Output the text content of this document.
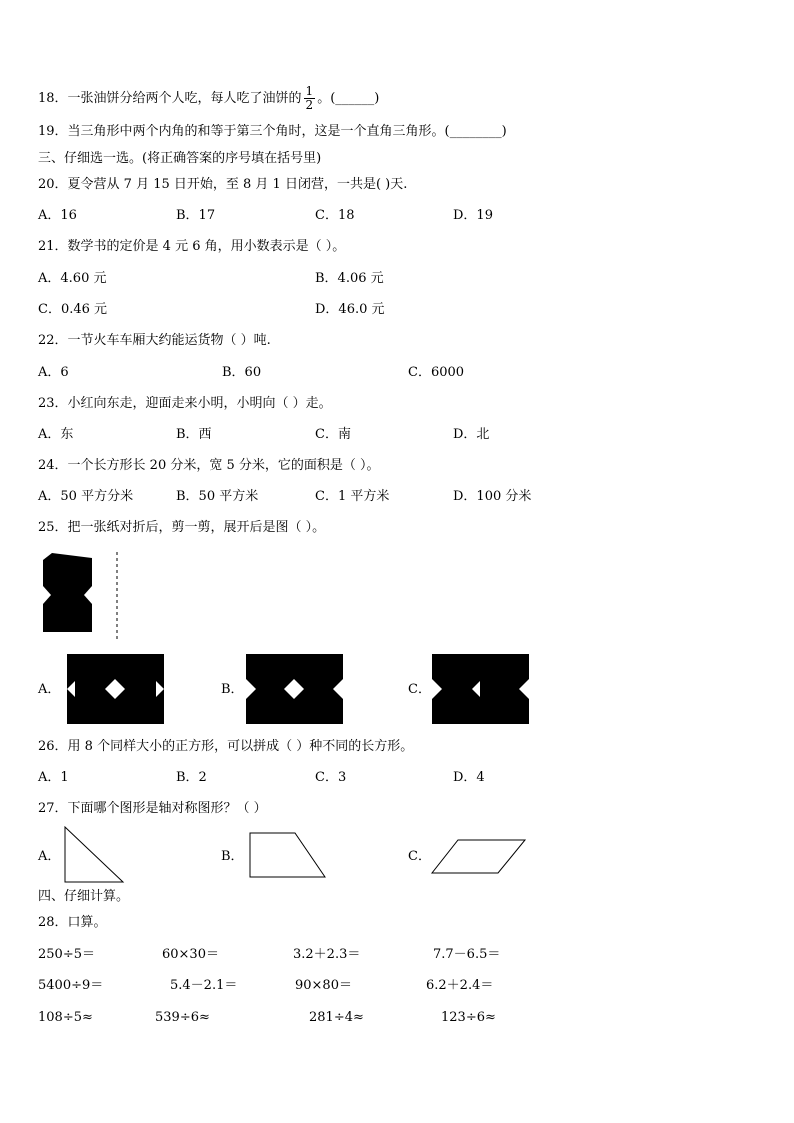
18．一张油饼分给两个人吃，每人吃了油饼的 $\frac{1}{2}$ 。(______)
19．当三角形中两个内角的和等于第三个角时，这是一个直角三角形。(________)
三、仔细选一选。(将正确答案的序号填在括号里)
20．夏令营从 7 月 15 日开始，至 8 月 1 日闭营，一共是( )天.
A．16	B．17	C．18	D．19
21．数学书的定价是 4 元 6 角，用小数表示是（ ）。
A．4.60 元	B．4.06 元
C．0.46 元	D．46.0 元
22．一节火车车厢大约能运货物（ ）吨.
A．6	B．60	C．6000
23．小红向东走，迎面走来小明，小明向（ ）走。
A．东	B．西	C．南	D．北
24．一个长方形长 20 分米，宽 5 分米，它的面积是（ ）。
A．50 平方分米	B．50 平方米	C．1 平方米	D．100 分米
25．把一张纸对折后，剪一剪，展开后是图（ ）。
A．	B．	C．
26．用 8 个同样大小的正方形，可以拼成（ ）种不同的长方形。
A．1	B．2	C．3	D．4
27．下面哪个图形是轴对称图形？（ ）
A．	B．	C．
四、仔细计算。
28．口算。
250÷5＝	60×30＝	3.2＋2.3＝	7.7－6.5＝
5400÷9＝	5.4－2.1＝	90×80＝	6.2＋2.4＝
108÷5≈	539÷6≈	281÷4≈	123÷6≈
